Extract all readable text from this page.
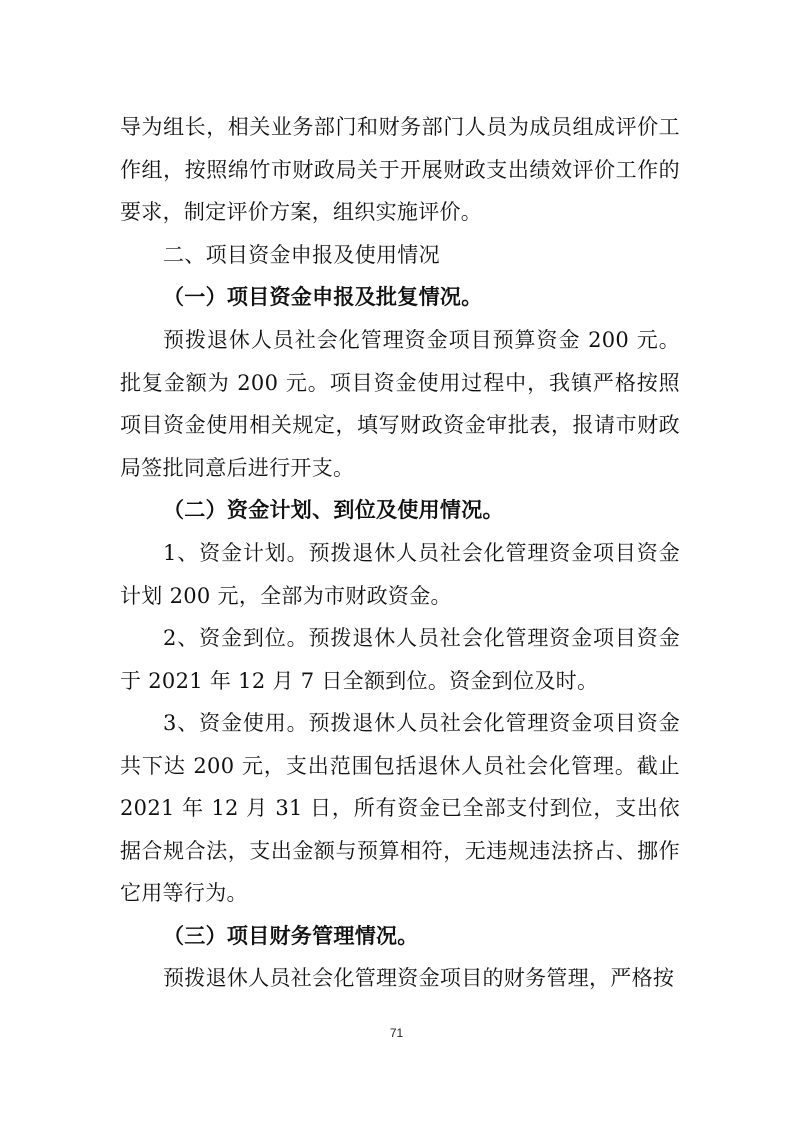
导为组长，相关业务部门和财务部门人员为成员组成评价工作组，按照绵竹市财政局关于开展财政支出绩效评价工作的要求，制定评价方案，组织实施评价。

二、项目资金申报及使用情况

（一）项目资金申报及批复情况。

预拨退休人员社会化管理资金项目预算资金 200 元。批复金额为 200 元。项目资金使用过程中，我镇严格按照项目资金使用相关规定，填写财政资金审批表，报请市财政局签批同意后进行开支。

（二）资金计划、到位及使用情况。

1、资金计划。预拨退休人员社会化管理资金项目资金计划 200 元，全部为市财政资金。

2、资金到位。预拨退休人员社会化管理资金项目资金于 2021 年 12 月 7 日全额到位。资金到位及时。

3、资金使用。预拨退休人员社会化管理资金项目资金共下达 200 元，支出范围包括退休人员社会化管理。截止 2021 年 12 月 31 日，所有资金已全部支付到位，支出依据合规合法，支出金额与预算相符，无违规违法挤占、挪作它用等行为。

（三）项目财务管理情况。

预拨退休人员社会化管理资金项目的财务管理，严格按

71
